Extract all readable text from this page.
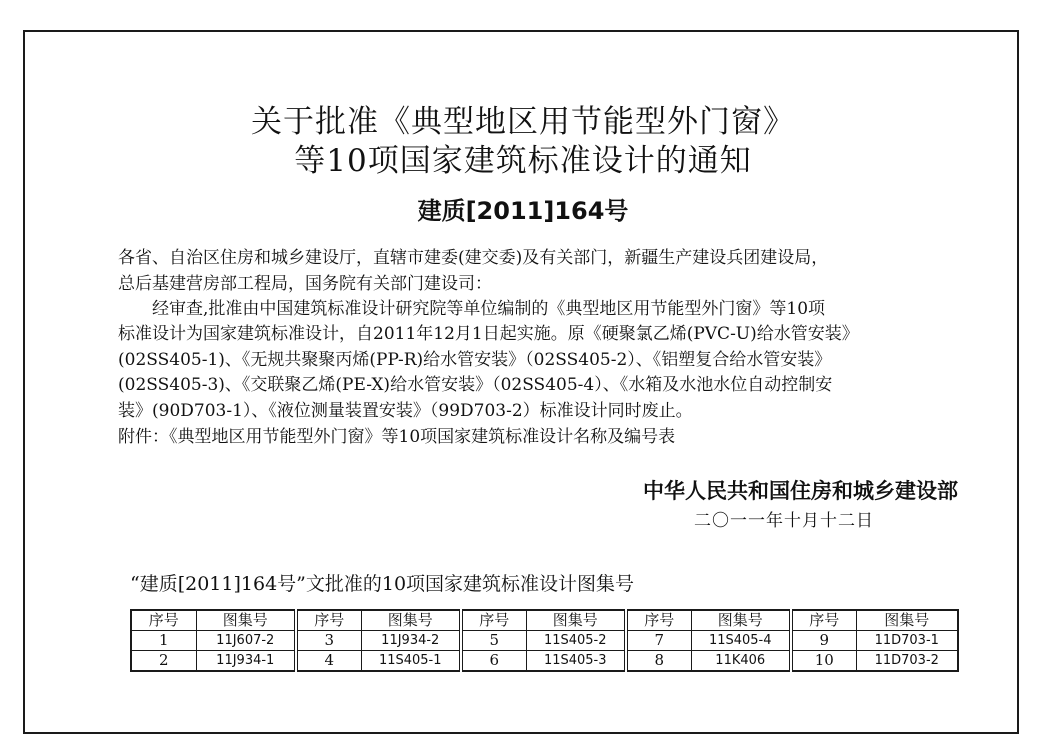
关于批准《典型地区用节能型外门窗》
等10项国家建筑标准设计的通知
建质[2011]164号
各省、自治区住房和城乡建设厅，直辖市建委(建交委)及有关部门，新疆生产建设兵团建设局，
总后基建营房部工程局，国务院有关部门建设司：
经审查,批准由中国建筑标准设计研究院等单位编制的《典型地区用节能型外门窗》等10项
标准设计为国家建筑标准设计，自2011年12月1日起实施。原《硬聚氯乙烯(PVC-U)给水管安装》
(02SS405-1)、《无规共聚聚丙烯(PP-R)给水管安装》（02SS405-2）、《铝塑复合给水管安装》
(02SS405-3)、《交联聚乙烯(PE-X)给水管安装》（02SS405-4）、《水箱及水池水位自动控制安
装》(90D703-1）、《液位测量装置安装》（99D703-2）标准设计同时废止。
附件：《典型地区用节能型外门窗》等10项国家建筑标准设计名称及编号表
中华人民共和国住房和城乡建设部
二〇一一年十月十二日
“建质[2011]164号”文批准的10项国家建筑标准设计图集号
序号	图集号	序号	图集号	序号	图集号	序号	图集号	序号	图集号
1	11J607-2	3	11J934-2	5	11S405-2	7	11S405-4	9	11D703-1
2	11J934-1	4	11S405-1	6	11S405-3	8	11K406	10	11D703-2
